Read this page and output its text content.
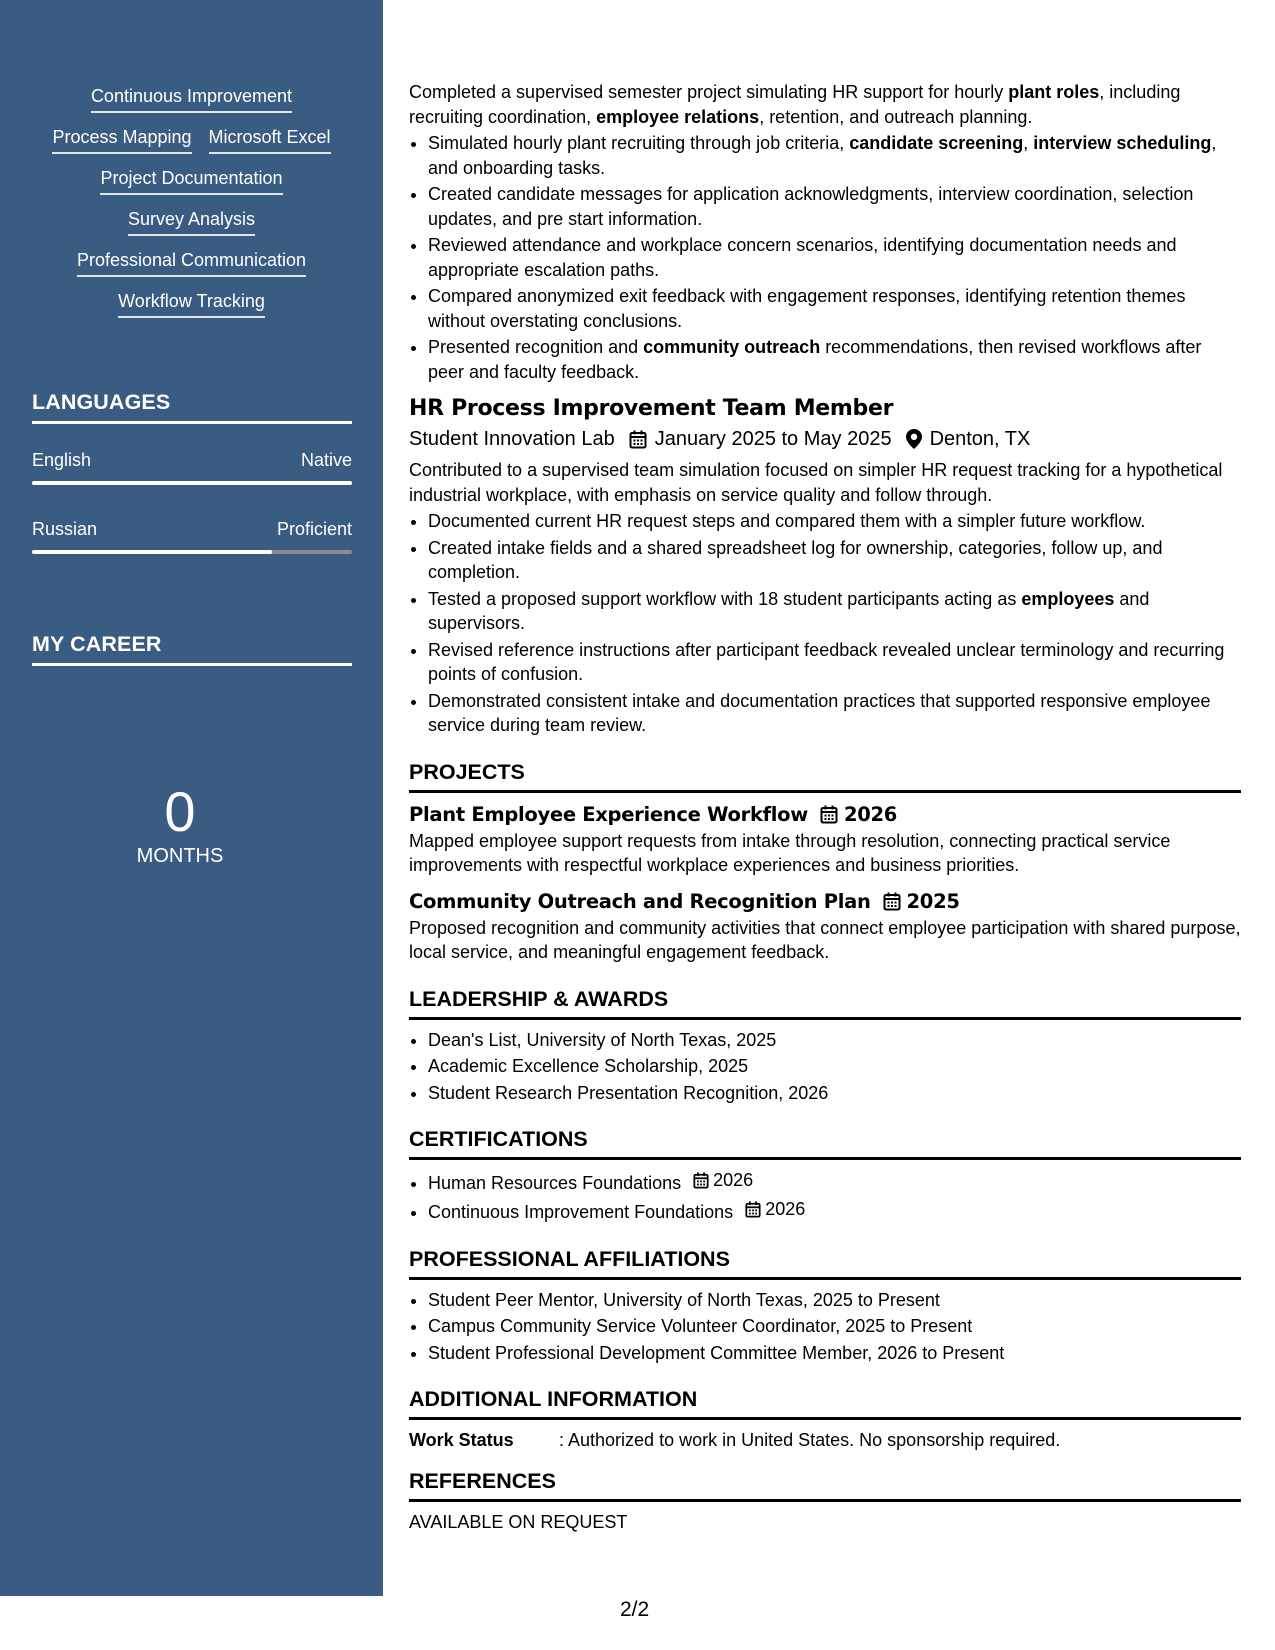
Continuous Improvement
Process Mapping Microsoft Excel
Project Documentation
Survey Analysis
Professional Communication
Workflow Tracking
LANGUAGES
English	Native
Russian	Proficient
MY CAREER
0
MONTHS

Completed a supervised semester project simulating HR support for hourly plant roles, including recruiting coordination, employee relations, retention, and outreach planning.

• Simulated hourly plant recruiting through job criteria, candidate screening, interview scheduling, and onboarding tasks.
• Created candidate messages for application acknowledgments, interview coordination, selection updates, and pre start information.
• Reviewed attendance and workplace concern scenarios, identifying documentation needs and appropriate escalation paths.
• Compared anonymized exit feedback with engagement responses, identifying retention themes without overstating conclusions.
• Presented recognition and community outreach recommendations, then revised workflows after peer and faculty feedback.
HR Process Improvement Team Member
Student Innovation Lab January 2025 to May 2025 Denton, TX

Contributed to a supervised team simulation focused on simpler HR request tracking for a hypothetical industrial workplace, with emphasis on service quality and follow through.

• Documented current HR request steps and compared them with a simpler future workflow.
• Created intake fields and a shared spreadsheet log for ownership, categories, follow up, and completion.
• Tested a proposed support workflow with 18 student participants acting as employees and supervisors.
• Revised reference instructions after participant feedback revealed unclear terminology and recurring points of confusion.
• Demonstrated consistent intake and documentation practices that supported responsive employee service during team review.
PROJECTS
Plant Employee Experience Workflow 2026

Mapped employee support requests from intake through resolution, connecting practical service improvements with respectful workplace experiences and business priorities.

Community Outreach and Recognition Plan 2025

Proposed recognition and community activities that connect employee participation with shared purpose, local service, and meaningful engagement feedback.

LEADERSHIP & AWARDS
• Dean's List, University of North Texas, 2025
• Academic Excellence Scholarship, 2025
• Student Research Presentation Recognition, 2026
CERTIFICATIONS
• Human Resources Foundations 2026
• Continuous Improvement Foundations 2026
PROFESSIONAL AFFILIATIONS
• Student Peer Mentor, University of North Texas, 2025 to Present
• Campus Community Service Volunteer Coordinator, 2025 to Present
• Student Professional Development Committee Member, 2026 to Present
ADDITIONAL INFORMATION
Work Status	: Authorized to work in United States. No sponsorship required.
REFERENCES

AVAILABLE ON REQUEST

2/2
